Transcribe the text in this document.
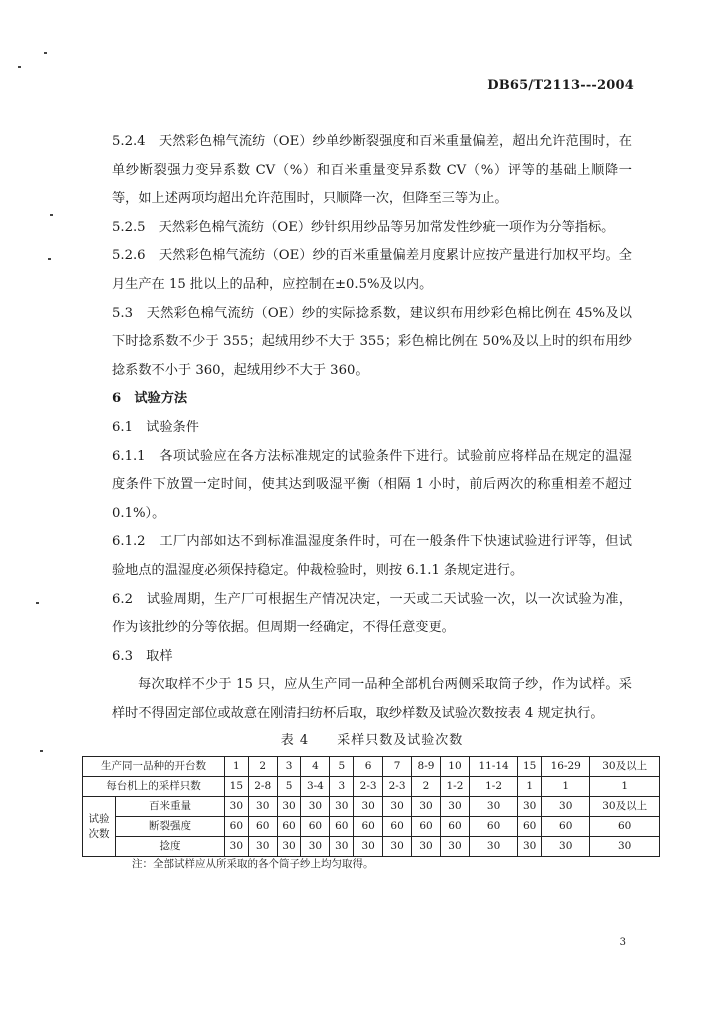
DB65/T2113---2004

5.2.4　天然彩色棉气流纺（OE）纱单纱断裂强度和百米重量偏差，超出允许范围时，在单纱断裂强力变异系数 CV（%）和百米重量变异系数 CV（%）评等的基础上顺降一等，如上述两项均超出允许范围时，只顺降一次，但降至三等为止。

5.2.5　天然彩色棉气流纺（OE）纱针织用纱品等另加常发性纱疵一项作为分等指标。

5.2.6　天然彩色棉气流纺（OE）纱的百米重量偏差月度累计应按产量进行加权平均。全月生产在 15 批以上的品种，应控制在±0.5%及以内。

5.3　天然彩色棉气流纺（OE）纱的实际捻系数，建议织布用纱彩色棉比例在 45%及以下时捻系数不少于 355；起绒用纱不大于 355；彩色棉比例在 50%及以上时的织布用纱捻系数不小于 360，起绒用纱不大于 360。

6　试验方法

6.1　试验条件

6.1.1　各项试验应在各方法标准规定的试验条件下进行。试验前应将样品在规定的温湿度条件下放置一定时间，使其达到吸湿平衡（相隔 1 小时，前后两次的称重相差不超过 0.1%）。

6.1.2　工厂内部如达不到标准温湿度条件时，可在一般条件下快速试验进行评等，但试验地点的温湿度必须保持稳定。仲裁检验时，则按 6.1.1 条规定进行。

6.2　试验周期，生产厂可根据生产情况决定，一天或二天试验一次，以一次试验为准，作为该批纱的分等依据。但周期一经确定，不得任意变更。

6.3　取样

每次取样不少于 15 只，应从生产同一品种全部机台两侧采取筒子纱，作为试样。采样时不得固定部位或故意在刚清扫纺杯后取，取纱样数及试验次数按表 4 规定执行。

表 4　　采样只数及试验次数
生产同一品种的开台数		1	2	3	4	5	6	7	8-9	10	11-14	15	16-29	30及以上
每台机上的采样只数		15	2-8	5	3-4	3	2-3	2-3	2	1-2	1-2	1	1	1
试验次数	百米重量	30	30	30	30	30	30	30	30	30	30	30	30	30及以上
	断裂强度	60	60	60	60	60	60	60	60	60	60	60	60	60
	捻度	30	30	30	30	30	30	30	30	30	30	30	30	30

注：全部试样应从所采取的各个筒子纱上均匀取得。

3
